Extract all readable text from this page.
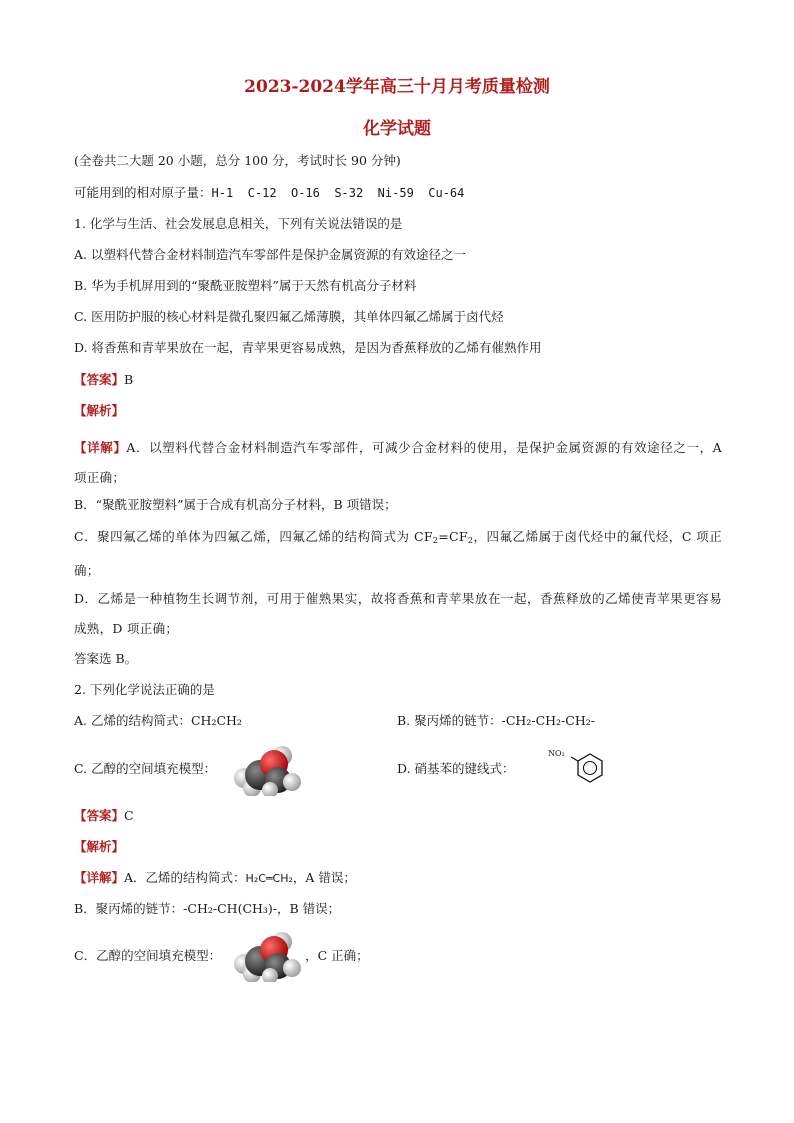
2023-2024学年高三十月月考质量检测
化学试题
(全卷共二大题 20 小题，总分 100 分，考试时长 90 分钟)
可能用到的相对原子量：H-1  C-12  O-16  S-32  Ni-59  Cu-64
1. 化学与生活、社会发展息息相关，下列有关说法错误的是
A. 以塑料代替合金材料制造汽车零部件是保护金属资源的有效途径之一
B. 华为手机屏用到的“聚酰亚胺塑料”属于天然有机高分子材料
C. 医用防护服的核心材料是微孔聚四氟乙烯薄膜，其单体四氟乙烯属于卤代烃
D. 将香蕉和青苹果放在一起，青苹果更容易成熟，是因为香蕉释放的乙烯有催熟作用
【答案】B
【解析】
【详解】A．以塑料代替合金材料制造汽车零部件，可减少合金材料的使用，是保护金属资源的有效途径之一，A 项正确；
B．“聚酰亚胺塑料”属于合成有机高分子材料，B 项错误；
C．聚四氟乙烯的单体为四氟乙烯，四氟乙烯的结构简式为 $CF_2=CF_2$，四氟乙烯属于卤代烃中的氟代烃，C 项正确；
D．乙烯是一种植物生长调节剂，可用于催熟果实，故将香蕉和青苹果放在一起，香蕉释放的乙烯使青苹果更容易成熟，D 项正确；
答案选 B。
2. 下列化学说法正确的是
A. 乙烯的结构简式：CH₂CH₂	B. 聚丙烯的链节：-CH₂-CH₂-CH₂-
C. 乙醇的空间填充模型：	D. 硝基苯的键线式：
NO₂
【答案】C
【解析】
【详解】A．乙烯的结构简式：H₂C═CH₂，A 错误；
B．聚丙烯的链节：-CH₂-CH(CH₃)-，B 错误；
C．乙醇的空间填充模型：	，C 正确；
